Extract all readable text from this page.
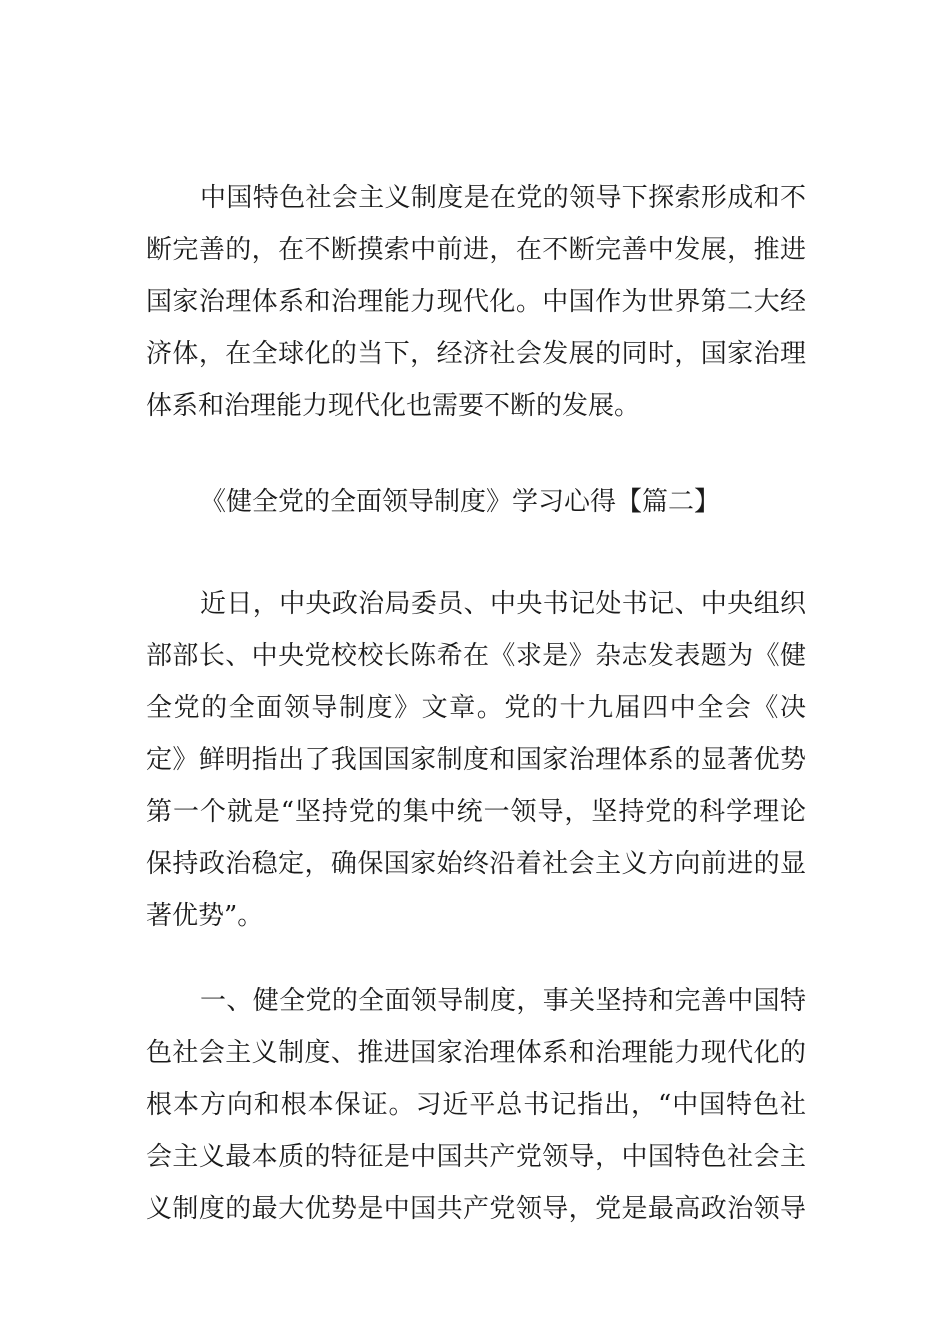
中国特色社会主义制度是在党的领导下探索形成和不
断完善的，在不断摸索中前进，在不断完善中发展，推进
国家治理体系和治理能力现代化。中国作为世界第二大经
济体，在全球化的当下，经济社会发展的同时，国家治理
体系和治理能力现代化也需要不断的发展。
《健全党的全面领导制度》学习心得【篇二】
近日，中央政治局委员、中央书记处书记、中央组织
部部长、中央党校校长陈希在《求是》杂志发表题为《健
全党的全面领导制度》文章。党的十九届四中全会《决
定》鲜明指出了我国国家制度和国家治理体系的显著优势
第一个就是“坚持党的集中统一领导，坚持党的科学理论
保持政治稳定，确保国家始终沿着社会主义方向前进的显
著优势”。
一、健全党的全面领导制度，事关坚持和完善中国特
色社会主义制度、推进国家治理体系和治理能力现代化的
根本方向和根本保证。习近平总书记指出，“中国特色社
会主义最本质的特征是中国共产党领导，中国特色社会主
义制度的最大优势是中国共产党领导，党是最高政治领导
